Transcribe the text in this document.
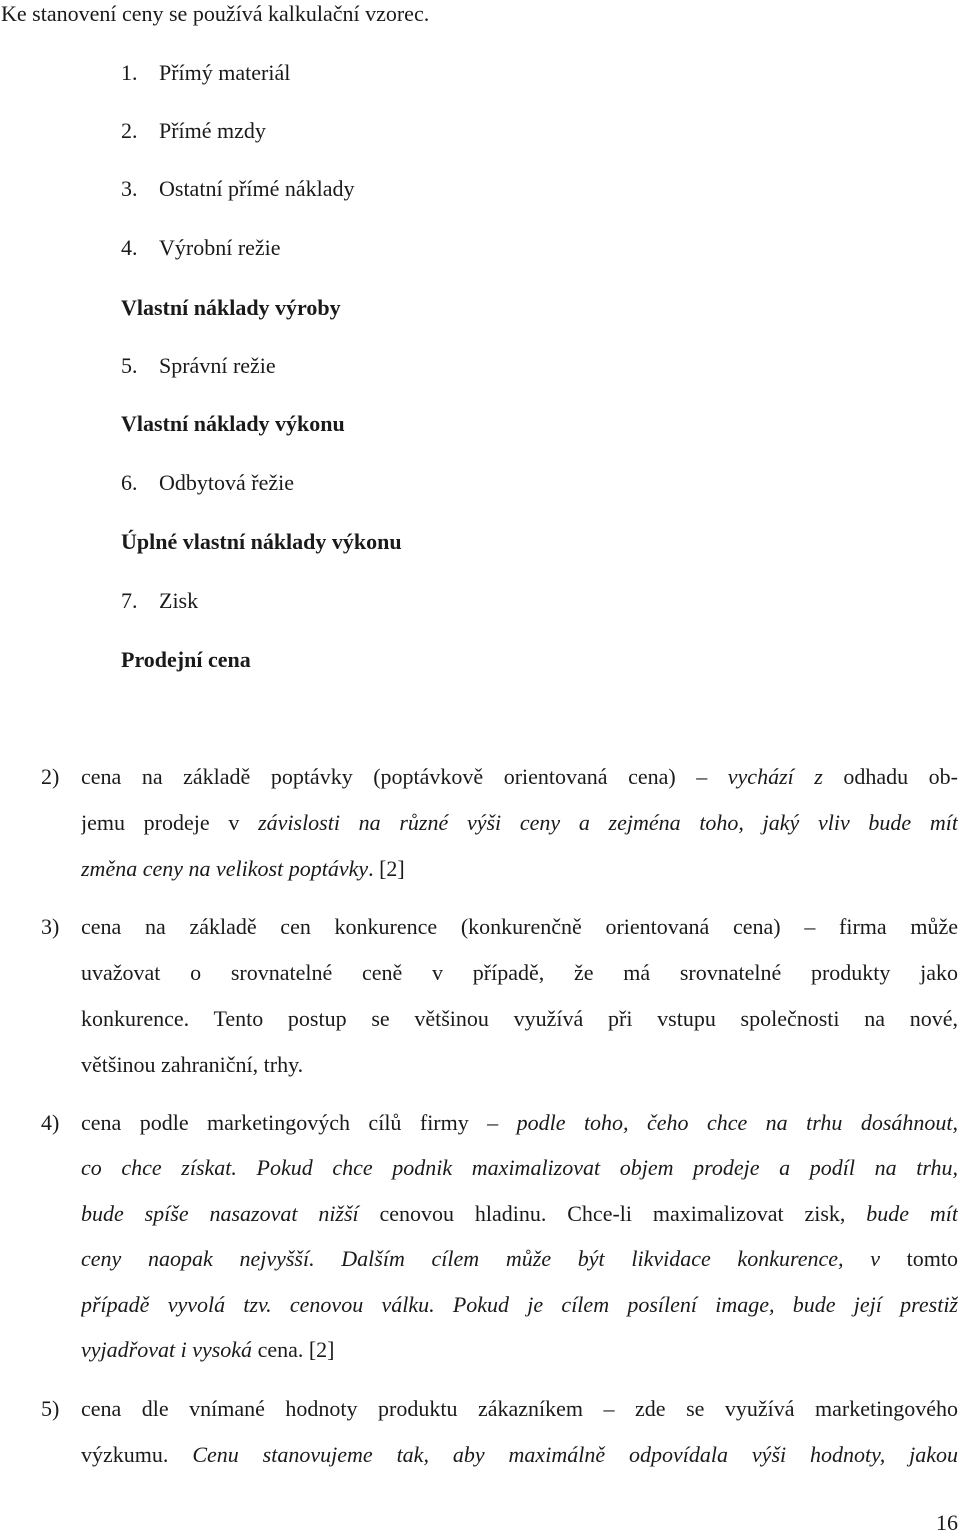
Ke stanovení ceny se používá kalkulační vzorec.
1. Přímý materiál
2. Přímé mzdy
3. Ostatní přímé náklady
4. Výrobní režie
Vlastní náklady výroby
5. Správní režie
Vlastní náklady výkonu
6. Odbytová řežie
Úplné vlastní náklady výkonu
7. Zisk
Prodejní cena
2) cena na základě poptávky (poptávkově orientovaná cena) – vychází z odhadu ob-
jemu prodeje v závislosti na různé výši ceny a zejména toho, jaký vliv bude mít
změna ceny na velikost poptávky. [2]
3) cena na základě cen konkurence (konkurenčně orientovaná cena) – firma může
uvažovat o srovnatelné ceně v případě, že má srovnatelné produkty jako
konkurence. Tento postup se většinou využívá při vstupu společnosti na nové,
většinou zahraniční, trhy.
4) cena podle marketingových cílů firmy – podle toho, čeho chce na trhu dosáhnout,
co chce získat. Pokud chce podnik maximalizovat objem prodeje a podíl na trhu,
bude spíše nasazovat nižší cenovou hladinu. Chce-li maximalizovat zisk, bude mít
ceny naopak nejvyšší. Dalším cílem může být likvidace konkurence, v tomto
případě vyvolá tzv. cenovou válku. Pokud je cílem posílení image, bude její prestiž
vyjadřovat i vysoká cena. [2]
5) cena dle vnímané hodnoty produktu zákazníkem – zde se využívá marketingového
výzkumu. Cenu stanovujeme tak, aby maximálně odpovídala výši hodnoty, jakou
16
